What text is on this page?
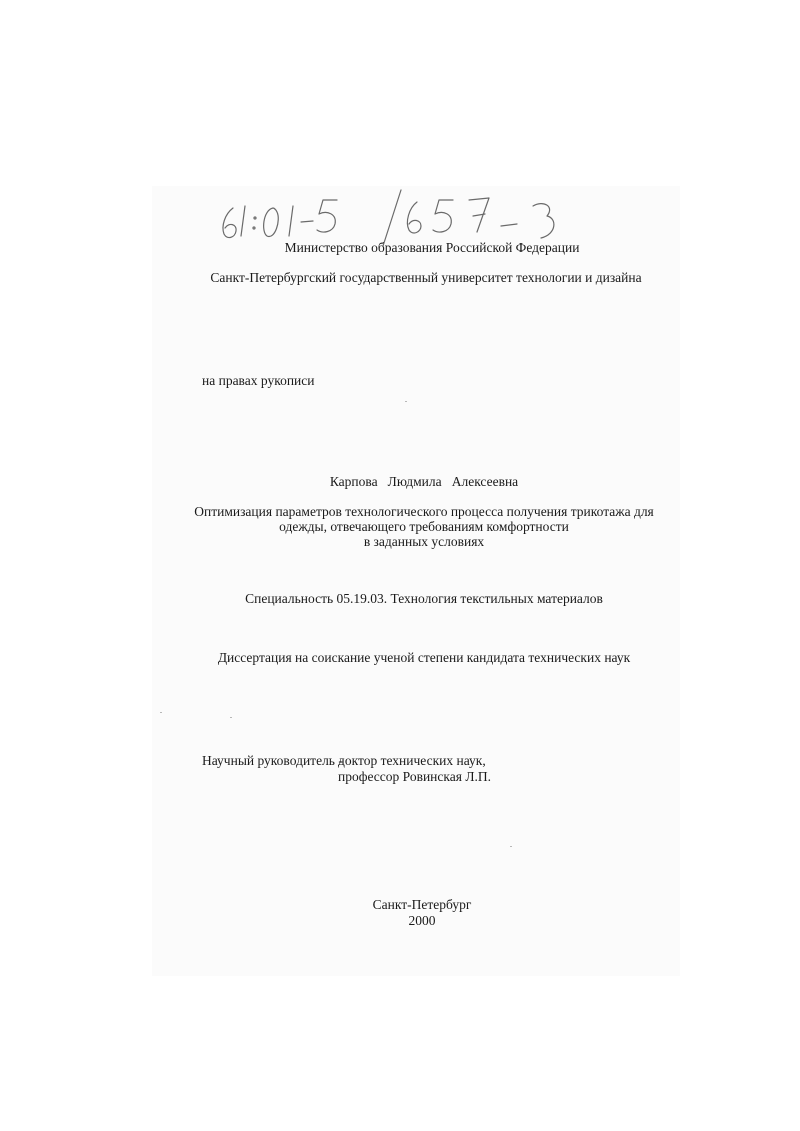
Министерство образования Российской Федерации
Санкт-Петербургский государственный университет технологии и дизайна
на правах рукописи
Карпова   Людмила   Алексеевна
Оптимизация параметров технологического процесса получения трикотажа для
одежды, отвечающего требованиям комфортности
в заданных условиях
Специальность 05.19.03. Технология текстильных материалов
Диссертация на соискание ученой степени кандидата технических наук
Научный руководитель -
доктор технических наук,
профессор Ровинская Л.П.
Санкт-Петербург
2000
